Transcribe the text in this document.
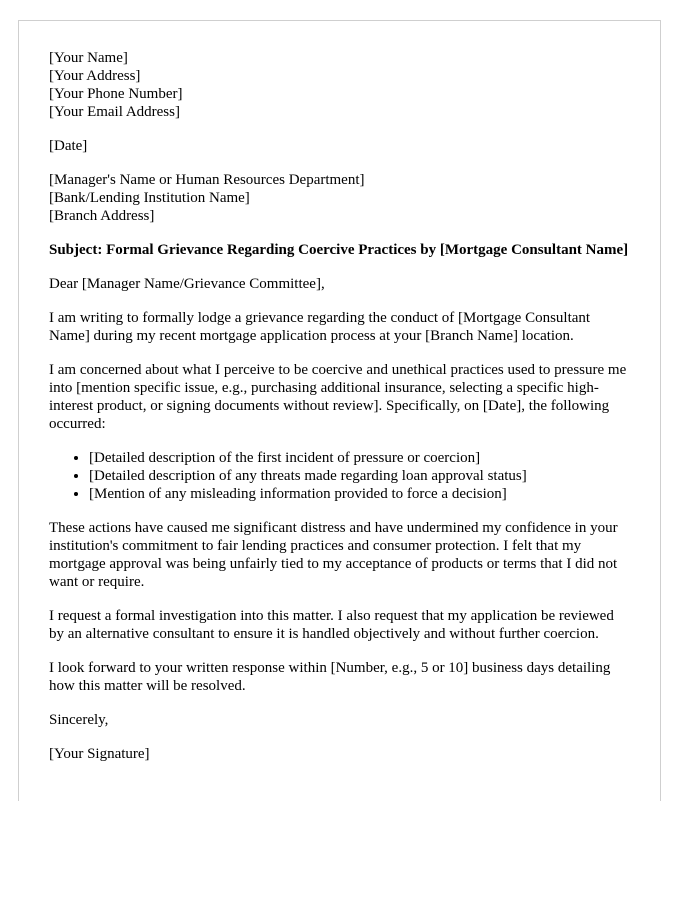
[Your Name]
[Your Address]
[Your Phone Number]
[Your Email Address]
[Date]
[Manager's Name or Human Resources Department]
[Bank/Lending Institution Name]
[Branch Address]

Subject: Formal Grievance Regarding Coercive Practices by [Mortgage Consultant Name]

Dear [Manager Name/Grievance Committee],

I am writing to formally lodge a grievance regarding the conduct of [Mortgage Consultant Name] during my recent mortgage application process at your [Branch Name] location.

I am concerned about what I perceive to be coercive and unethical practices used to pressure me into [mention specific issue, e.g., purchasing additional insurance, selecting a specific high-interest product, or signing documents without review]. Specifically, on [Date], the following occurred:

• [Detailed description of the first incident of pressure or coercion]
• [Detailed description of any threats made regarding loan approval status]
• [Mention of any misleading information provided to force a decision]

These actions have caused me significant distress and have undermined my confidence in your institution's commitment to fair lending practices and consumer protection. I felt that my mortgage approval was being unfairly tied to my acceptance of products or terms that I did not want or require.

I request a formal investigation into this matter. I also request that my application be reviewed by an alternative consultant to ensure it is handled objectively and without further coercion.

I look forward to your written response within [Number, e.g., 5 or 10] business days detailing how this matter will be resolved.

Sincerely,

[Your Signature]
